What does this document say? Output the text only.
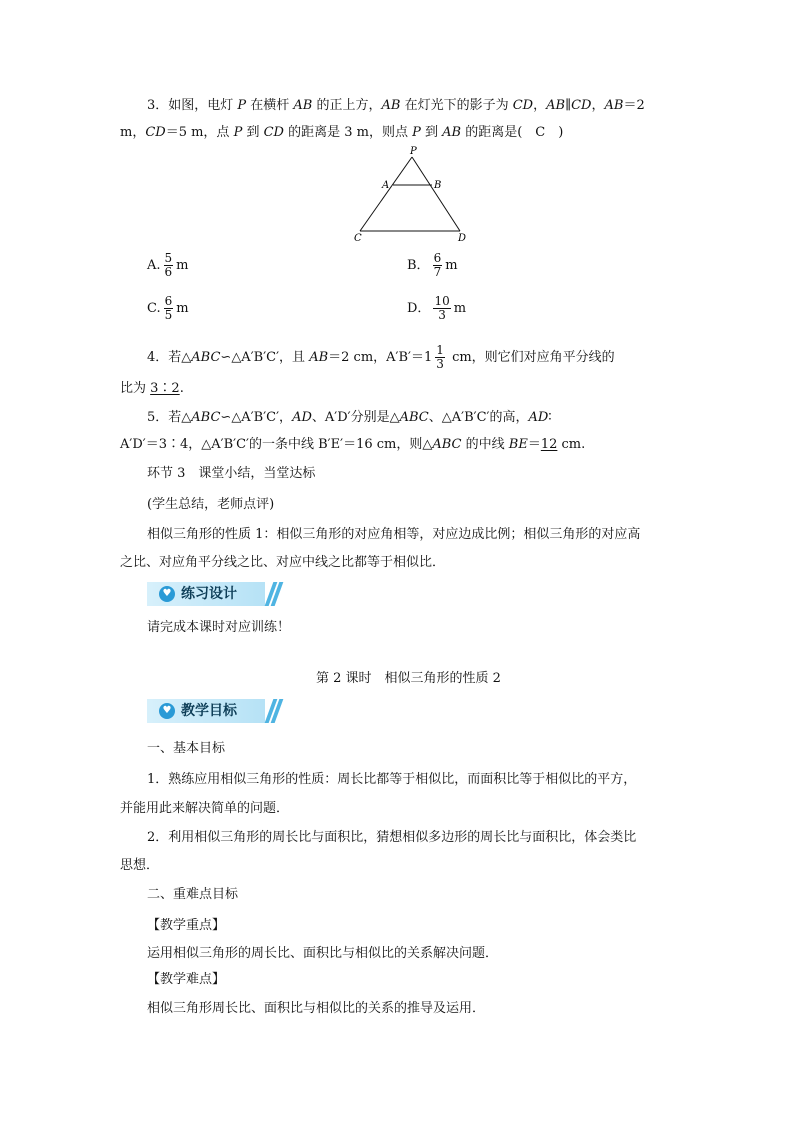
3．如图，电灯 P 在横杆 AB 的正上方，AB 在灯光下的影子为 CD，AB∥CD，AB＝2
m，CD＝5 m，点 P 到 CD 的距离是 3 m，则点 P 到 AB 的距离是(　C　)
P
A	B
C	D
A. $\frac{5}{6}$ m	B． $\frac{6}{7}$ m
C. $\frac{6}{5}$ m	D． $\frac{10}{3}$ m
4．若△ABC∽△A′B′C′，且 AB＝2 cm，$A'B'=1 \frac{1}{3}$ cm，则它们对应角平分线的
比为 3∶2.
5．若△ABC∽△A′B′C′，AD、A′D′分别是△ABC、△A′B′C′的高，AD∶
A′D′＝3∶4，△A′B′C′的一条中线 B′E′＝16 cm，则△ABC 的中线 BE＝12 cm.
环节 3　课堂小结，当堂达标
(学生总结，老师点评)
相似三角形的性质 1：相似三角形的对应角相等，对应边成比例；相似三角形的对应高
之比、对应角平分线之比、对应中线之比都等于相似比．
♥ 练习设计
请完成本课时对应训练！
第 2 课时　相似三角形的性质 2
♥ 教学目标
一、基本目标
1．熟练应用相似三角形的性质：周长比都等于相似比，而面积比等于相似比的平方，
并能用此来解决简单的问题．
2．利用相似三角形的周长比与面积比，猜想相似多边形的周长比与面积比，体会类比
思想．
二、重难点目标
【教学重点】
运用相似三角形的周长比、面积比与相似比的关系解决问题．
【教学难点】
相似三角形周长比、面积比与相似比的关系的推导及运用．
